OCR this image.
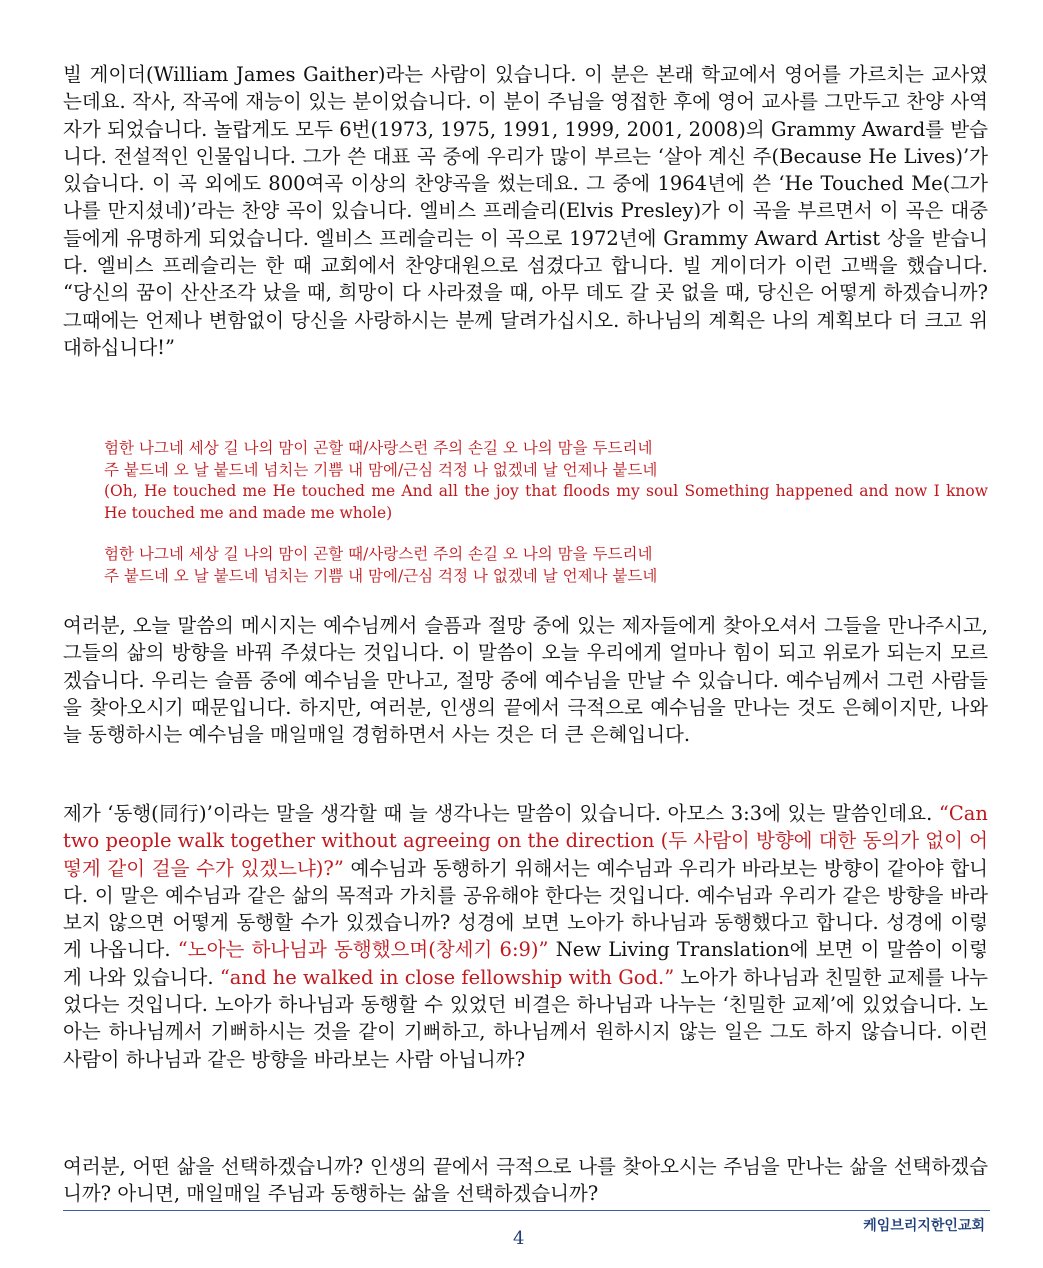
빌 게이더(William James Gaither)라는 사람이 있습니다. 이 분은 본래 학교에서 영어를 가르치는 교사였는데요. 작사, 작곡에 재능이 있는 분이었습니다. 이 분이 주님을 영접한 후에 영어 교사를 그만두고 찬양 사역자가 되었습니다. 놀랍게도 모두 6번(1973, 1975, 1991, 1999, 2001, 2008)의 Grammy Award를 받습니다. 전설적인 인물입니다. 그가 쓴 대표 곡 중에 우리가 많이 부르는 ‘살아 계신 주(Because He Lives)’가 있습니다. 이 곡 외에도 800여곡 이상의 찬양곡을 썼는데요. 그 중에 1964년에 쓴 ‘He Touched Me(그가 나를 만지셨네)’라는 찬양 곡이 있습니다. 엘비스 프레슬리(Elvis Presley)가 이 곡을 부르면서 이 곡은 대중들에게 유명하게 되었습니다. 엘비스 프레슬리는 이 곡으로 1972년에 Grammy Award Artist 상을 받습니다. 엘비스 프레슬리는 한 때 교회에서 찬양대원으로 섬겼다고 합니다. 빌 게이더가 이런 고백을 했습니다. “당신의 꿈이 산산조각 났을 때, 희망이 다 사라졌을 때, 아무 데도 갈 곳 없을 때, 당신은 어떻게 하겠습니까? 그때에는 언제나 변함없이 당신을 사랑하시는 분께 달려가십시오. 하나님의 계획은 나의 계획보다 더 크고 위대하십니다!”
험한 나그네 세상 길 나의 맘이 곤할 때/사랑스런 주의 손길 오 나의 맘을 두드리네
주 붙드네 오 날 붙드네 넘치는 기쁨 내 맘에/근심 걱정 나 없겠네 날 언제나 붙드네
(Oh, He touched me He touched me And all the joy that floods my soul Something happened and now I know He touched me and made me whole)
험한 나그네 세상 길 나의 맘이 곤할 때/사랑스런 주의 손길 오 나의 맘을 두드리네
주 붙드네 오 날 붙드네 넘치는 기쁨 내 맘에/근심 걱정 나 없겠네 날 언제나 붙드네
여러분, 오늘 말씀의 메시지는 예수님께서 슬픔과 절망 중에 있는 제자들에게 찾아오셔서 그들을 만나주시고, 그들의 삶의 방향을 바꿔 주셨다는 것입니다. 이 말씀이 오늘 우리에게 얼마나 힘이 되고 위로가 되는지 모르겠습니다. 우리는 슬픔 중에 예수님을 만나고, 절망 중에 예수님을 만날 수 있습니다. 예수님께서 그런 사람들을 찾아오시기 때문입니다. 하지만, 여러분, 인생의 끝에서 극적으로 예수님을 만나는 것도 은혜이지만, 나와 늘 동행하시는 예수님을 매일매일 경험하면서 사는 것은 더 큰 은혜입니다.
제가 ‘동행(同行)’이라는 말을 생각할 때 늘 생각나는 말씀이 있습니다. 아모스 3:3에 있는 말씀인데요. “Can two people walk together without agreeing on the direction (두 사람이 방향에 대한 동의가 없이 어떻게 같이 걸을 수가 있겠느냐)?” 예수님과 동행하기 위해서는 예수님과 우리가 바라보는 방향이 같아야 합니다. 이 말은 예수님과 같은 삶의 목적과 가치를 공유해야 한다는 것입니다. 예수님과 우리가 같은 방향을 바라보지 않으면 어떻게 동행할 수가 있겠습니까? 성경에 보면 노아가 하나님과 동행했다고 합니다. 성경에 이렇게 나옵니다. “노아는 하나님과 동행했으며(창세기 6:9)” New Living Translation에 보면 이 말씀이 이렇게 나와 있습니다. “and he walked in close fellowship with God.” 노아가 하나님과 친밀한 교제를 나누었다는 것입니다. 노아가 하나님과 동행할 수 있었던 비결은 하나님과 나누는 ‘친밀한 교제’에 있었습니다. 노아는 하나님께서 기뻐하시는 것을 같이 기뻐하고, 하나님께서 원하시지 않는 일은 그도 하지 않습니다. 이런 사람이 하나님과 같은 방향을 바라보는 사람 아닙니까?
여러분, 어떤 삶을 선택하겠습니까? 인생의 끝에서 극적으로 나를 찾아오시는 주님을 만나는 삶을 선택하겠습니까? 아니면, 매일매일 주님과 동행하는 삶을 선택하겠습니까?
케임브리지한인교회
4
